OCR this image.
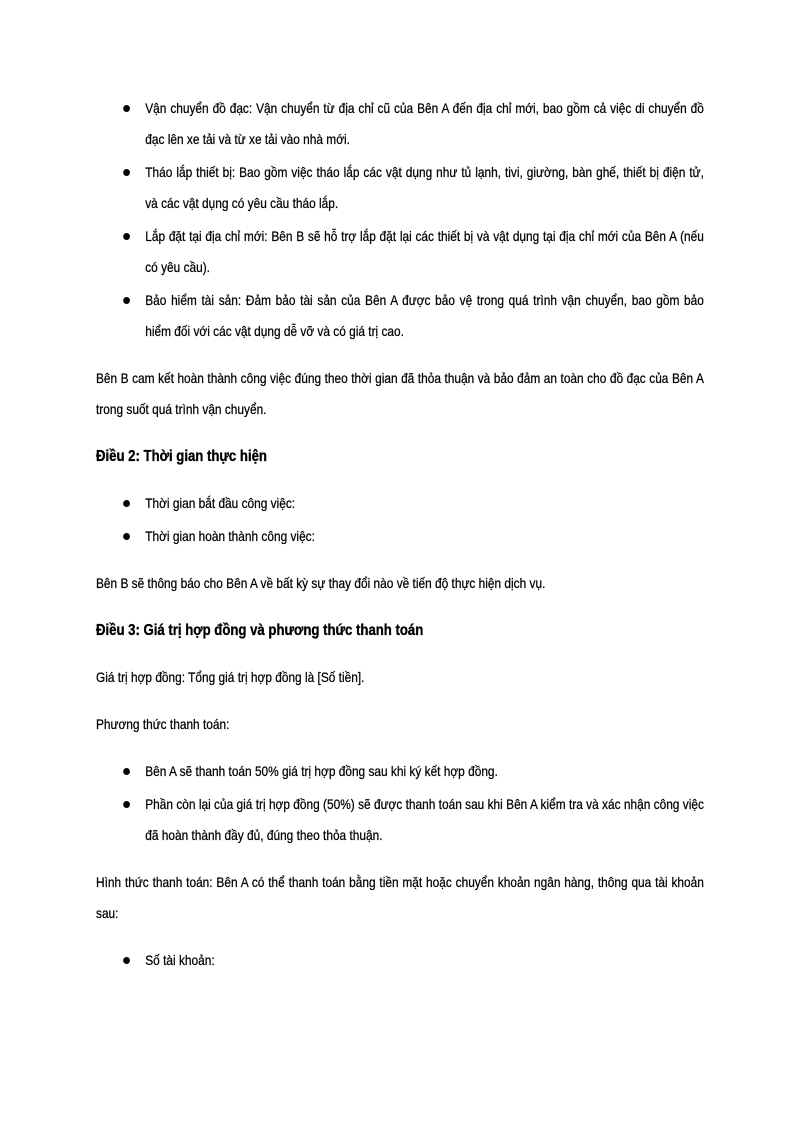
Vận chuyển đồ đạc: Vận chuyển từ địa chỉ cũ của Bên A đến địa chỉ mới, bao gồm cả việc di chuyển đồ đạc lên xe tải và từ xe tải vào nhà mới.
Tháo lắp thiết bị: Bao gồm việc tháo lắp các vật dụng như tủ lạnh, tivi, giường, bàn ghế, thiết bị điện tử, và các vật dụng có yêu cầu tháo lắp.
Lắp đặt tại địa chỉ mới: Bên B sẽ hỗ trợ lắp đặt lại các thiết bị và vật dụng tại địa chỉ mới của Bên A (nếu có yêu cầu).
Bảo hiểm tài sản: Đảm bảo tài sản của Bên A được bảo vệ trong quá trình vận chuyển, bao gồm bảo hiểm đối với các vật dụng dễ vỡ và có giá trị cao.

Bên B cam kết hoàn thành công việc đúng theo thời gian đã thỏa thuận và bảo đảm an toàn cho đồ đạc của Bên A trong suốt quá trình vận chuyển.

Điều 2: Thời gian thực hiện
Thời gian bắt đầu công việc:
Thời gian hoàn thành công việc:

Bên B sẽ thông báo cho Bên A về bất kỳ sự thay đổi nào về tiến độ thực hiện dịch vụ.

Điều 3: Giá trị hợp đồng và phương thức thanh toán

Giá trị hợp đồng: Tổng giá trị hợp đồng là [Số tiền].

Phương thức thanh toán:

Bên A sẽ thanh toán 50% giá trị hợp đồng sau khi ký kết hợp đồng.
Phần còn lại của giá trị hợp đồng (50%) sẽ được thanh toán sau khi Bên A kiểm tra và xác nhận công việc đã hoàn thành đầy đủ, đúng theo thỏa thuận.

Hình thức thanh toán: Bên A có thể thanh toán bằng tiền mặt hoặc chuyển khoản ngân hàng, thông qua tài khoản sau:

Số tài khoản:
